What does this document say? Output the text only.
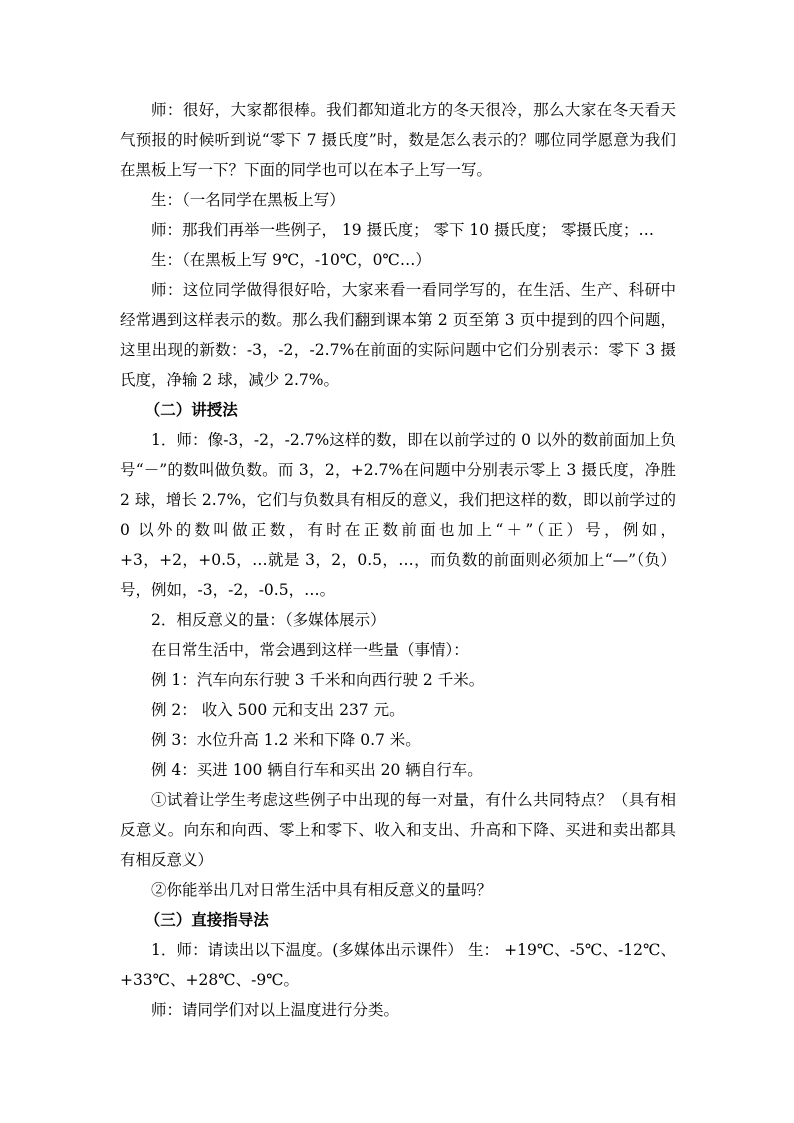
师：很好，大家都很棒。我们都知道北方的冬天很冷，那么大家在冬天看天气预报的时候听到说“零下 7 摄氏度”时，数是怎么表示的？哪位同学愿意为我们在黑板上写一下？下面的同学也可以在本子上写一写。

生：（一名同学在黑板上写）

师：那我们再举一些例子， 19 摄氏度； 零下 10 摄氏度； 零摄氏度；…

生：（在黑板上写 9℃，-10℃，0℃…）

师：这位同学做得很好哈，大家来看一看同学写的，在生活、生产、科研中经常遇到这样表示的数。那么我们翻到课本第 2 页至第 3 页中提到的四个问题，这里出现的新数：-3，-2，-2.7%在前面的实际问题中它们分别表示：零下 3 摄氏度，净输 2 球，减少 2.7%。

（二）讲授法

1．师：像-3，-2，-2.7%这样的数，即在以前学过的 0 以外的数前面加上负号“－”的数叫做负数。而 3，2，+2.7%在问题中分别表示零上 3 摄氏度，净胜 2 球，增长 2.7%，它们与负数具有相反的意义，我们把这样的数，即以前学过的 0 以外的数叫做正数，有时在正数前面也加上“＋”（正）号，例如，+3，+2，+0.5，…就是 3，2，0.5，…，而负数的前面则必须加上“—”（负）号，例如，-3，-2，-0.5，…。

2．相反意义的量：（多媒体展示）

在日常生活中，常会遇到这样一些量（事情）：

例 1：汽车向东行驶 3 千米和向西行驶 2 千米。

例 2： 收入 500 元和支出 237 元。

例 3：水位升高 1.2 米和下降 0.7 米。

例 4：买进 100 辆自行车和买出 20 辆自行车。

①试着让学生考虑这些例子中出现的每一对量，有什么共同特点？（具有相反意义。向东和向西、零上和零下、收入和支出、升高和下降、买进和卖出都具有相反意义）

②你能举出几对日常生活中具有相反意义的量吗？

（三）直接指导法

1．师：请读出以下温度。(多媒体出示课件） 生： +19℃、-5℃、-12℃、+33℃、+28℃、-9℃。

师：请同学们对以上温度进行分类。
